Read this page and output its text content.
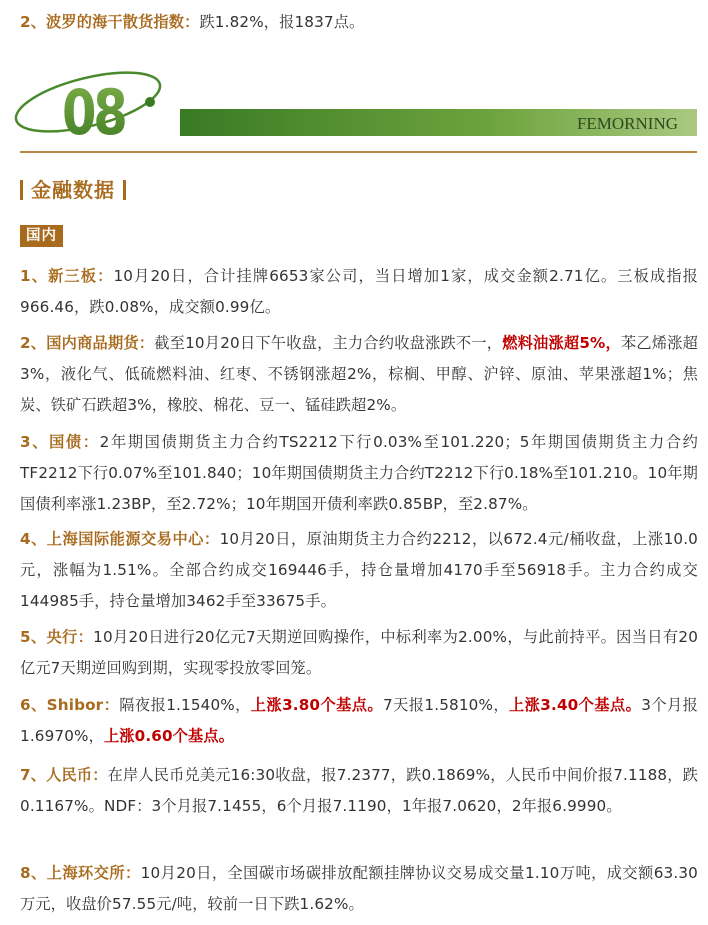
2、波罗的海干散货指数：跌1.82%，报1837点。
08	FEMORNING
金融数据
国内
1、新三板：10月20日，合计挂牌6653家公司，当日增加1家，成交金额2.71亿。三板成指报966.46，跌0.08%，成交额0.99亿。
2、国内商品期货：截至10月20日下午收盘，主力合约收盘涨跌不一，燃料油涨超5%，苯乙烯涨超3%，液化气、低硫燃料油、红枣、不锈钢涨超2%，棕榈、甲醇、沪锌、原油、苹果涨超1%；焦炭、铁矿石跌超3%，橡胶、棉花、豆一、锰硅跌超2%。
3、国债：2年期国债期货主力合约TS2212下行0.03%至101.220；5年期国债期货主力合约TF2212下行0.07%至101.840；10年期国债期货主力合约T2212下行0.18%至101.210。10年期国债利率涨1.23BP，至2.72%；10年期国开债利率跌0.85BP，至2.87%。
4、上海国际能源交易中心：10月20日，原油期货主力合约2212，以672.4元/桶收盘，上涨10.0元，涨幅为1.51%。全部合约成交169446手，持仓量增加4170手至56918手。主力合约成交144985手，持仓量增加3462手至33675手。
5、央行：10月20日进行20亿元7天期逆回购操作，中标利率为2.00%，与此前持平。因当日有20亿元7天期逆回购到期，实现零投放零回笼。
6、Shibor：隔夜报1.1540%，上涨3.80个基点。7天报1.5810%，上涨3.40个基点。3个月报1.6970%，上涨0.60个基点。
7、人民币：在岸人民币兑美元16:30收盘，报7.2377，跌0.1869%，人民币中间价报7.1188，跌0.1167%。NDF：3个月报7.1455，6个月报7.1190，1年报7.0620，2年报6.9990。
8、上海环交所：10月20日，全国碳市场碳排放配额挂牌协议交易成交量1.10万吨，成交额63.30万元，收盘价57.55元/吨，较前一日下跌1.62%。
